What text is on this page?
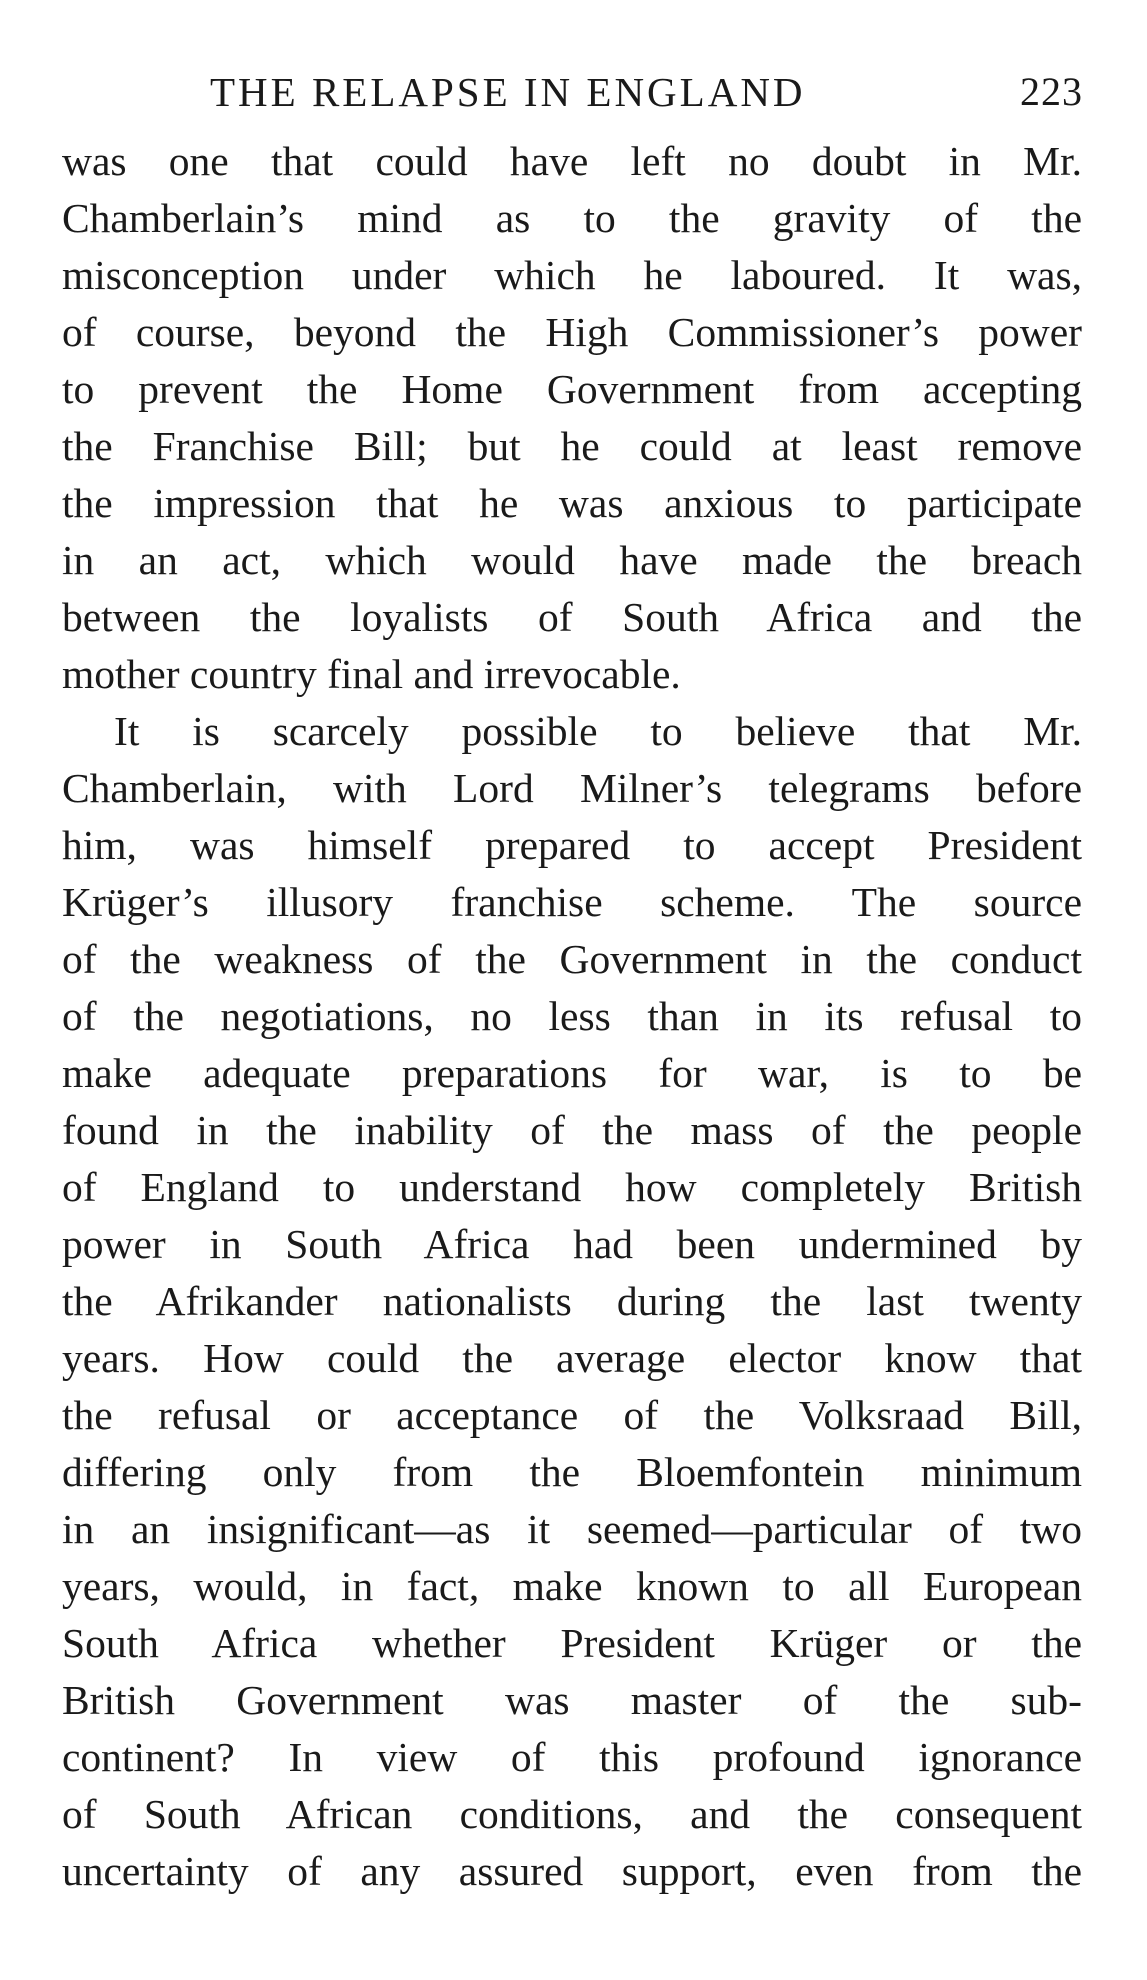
THE RELAPSE IN ENGLAND	223
was one that could have left no doubt in Mr.
Chamberlain’s mind as to the gravity of the
misconception under which he laboured. It was,
of course, beyond the High Commissioner’s power
to prevent the Home Government from accepting
the Franchise Bill; but he could at least remove
the impression that he was anxious to participate
in an act, which would have made the breach
between the loyalists of South Africa and the
mother country final and irrevocable.
It is scarcely possible to believe that Mr.
Chamberlain, with Lord Milner’s telegrams before
him, was himself prepared to accept President
Krüger’s illusory franchise scheme. The source
of the weakness of the Government in the conduct
of the negotiations, no less than in its refusal to
make adequate preparations for war, is to be
found in the inability of the mass of the people
of England to understand how completely British
power in South Africa had been undermined by
the Afrikander nationalists during the last twenty
years. How could the average elector know that
the refusal or acceptance of the Volksraad Bill,
differing only from the Bloemfontein minimum
in an insignificant—as it seemed—particular of two
years, would, in fact, make known to all European
South Africa whether President Krüger or the
British Government was master of the sub-
continent? In view of this profound ignorance
of South African conditions, and the consequent
uncertainty of any assured support, even from the
